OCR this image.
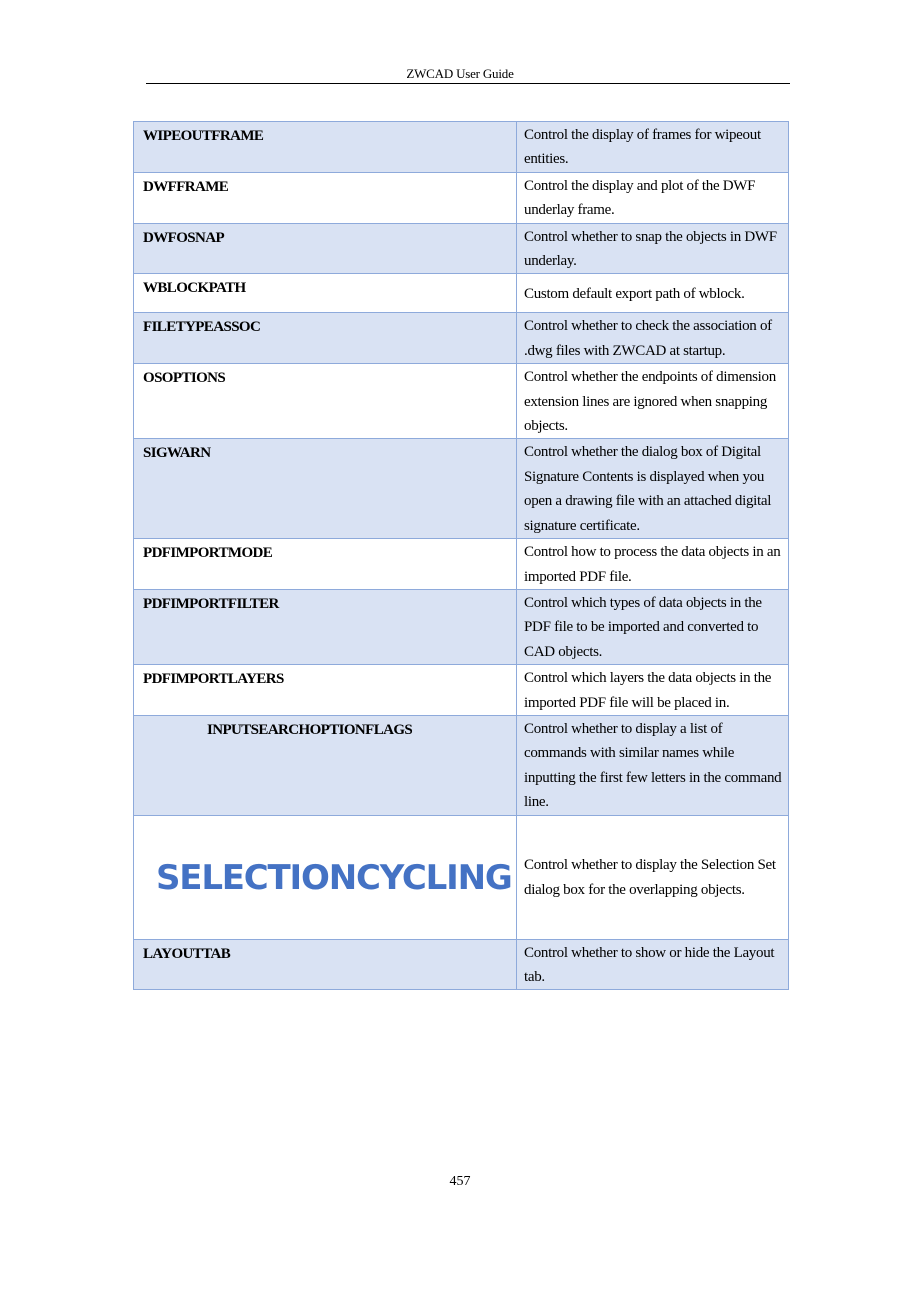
ZWCAD User Guide
WIPEOUTFRAME	Control the display of frames for wipeout entities.
DWFFRAME	Control the display and plot of the DWF underlay frame.
DWFOSNAP	Control whether to snap the objects in DWF underlay.
WBLOCKPATH	Custom default export path of wblock.
FILETYPEASSOC	Control whether to check the association of .dwg files with ZWCAD at startup.
OSOPTIONS	Control whether the endpoints of dimension extension lines are ignored when snapping objects.
SIGWARN	Control whether the dialog box of Digital Signature Contents is displayed when you open a drawing file with an attached digital signature certificate.
PDFIMPORTMODE	Control how to process the data objects in an imported PDF file.
PDFIMPORTFILTER	Control which types of data objects in the PDF file to be imported and converted to CAD objects.
PDFIMPORTLAYERS	Control which layers the data objects in the imported PDF file will be placed in.
INPUTSEARCHOPTIONFLAGS	Control whether to display a list of commands with similar names while inputting the first few letters in the command line.
SELECTIONCYCLING	Control whether to display the Selection Set dialog box for the overlapping objects.
LAYOUTTAB	Control whether to show or hide the Layout tab.
457
